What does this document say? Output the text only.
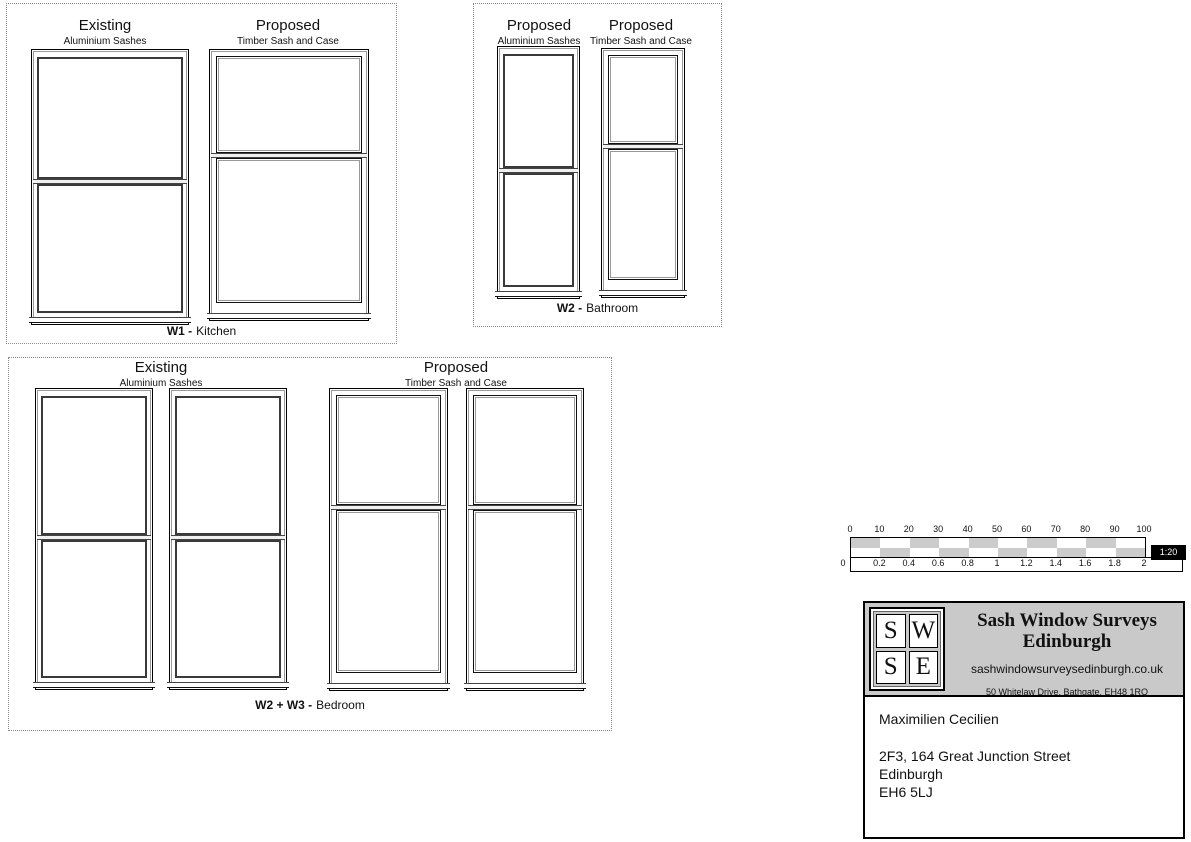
Existing
Aluminium Sashes
Proposed
Timber Sash and Case
W1 - Kitchen
Proposed
Aluminium Sashes
Proposed
Timber Sash and Case
W2 - Bathroom
Existing
Aluminium Sashes
Proposed
Timber Sash and Case
W2 + W3 - Bedroom
0 10 20 30 40 50 60 70 80 90 100
0	0.2 0.4 0.6 0.8 1 1.2 1.4 1.6 1.8 2
1:20
S W
S E
Sash Window Surveys
Edinburgh
sashwindowsurveysedinburgh.co.uk
50 Whitelaw Drive, Bathgate, EH48 1RQ
Maximilien Cecilien
2F3, 164 Great Junction Street
Edinburgh
EH6 5LJ
